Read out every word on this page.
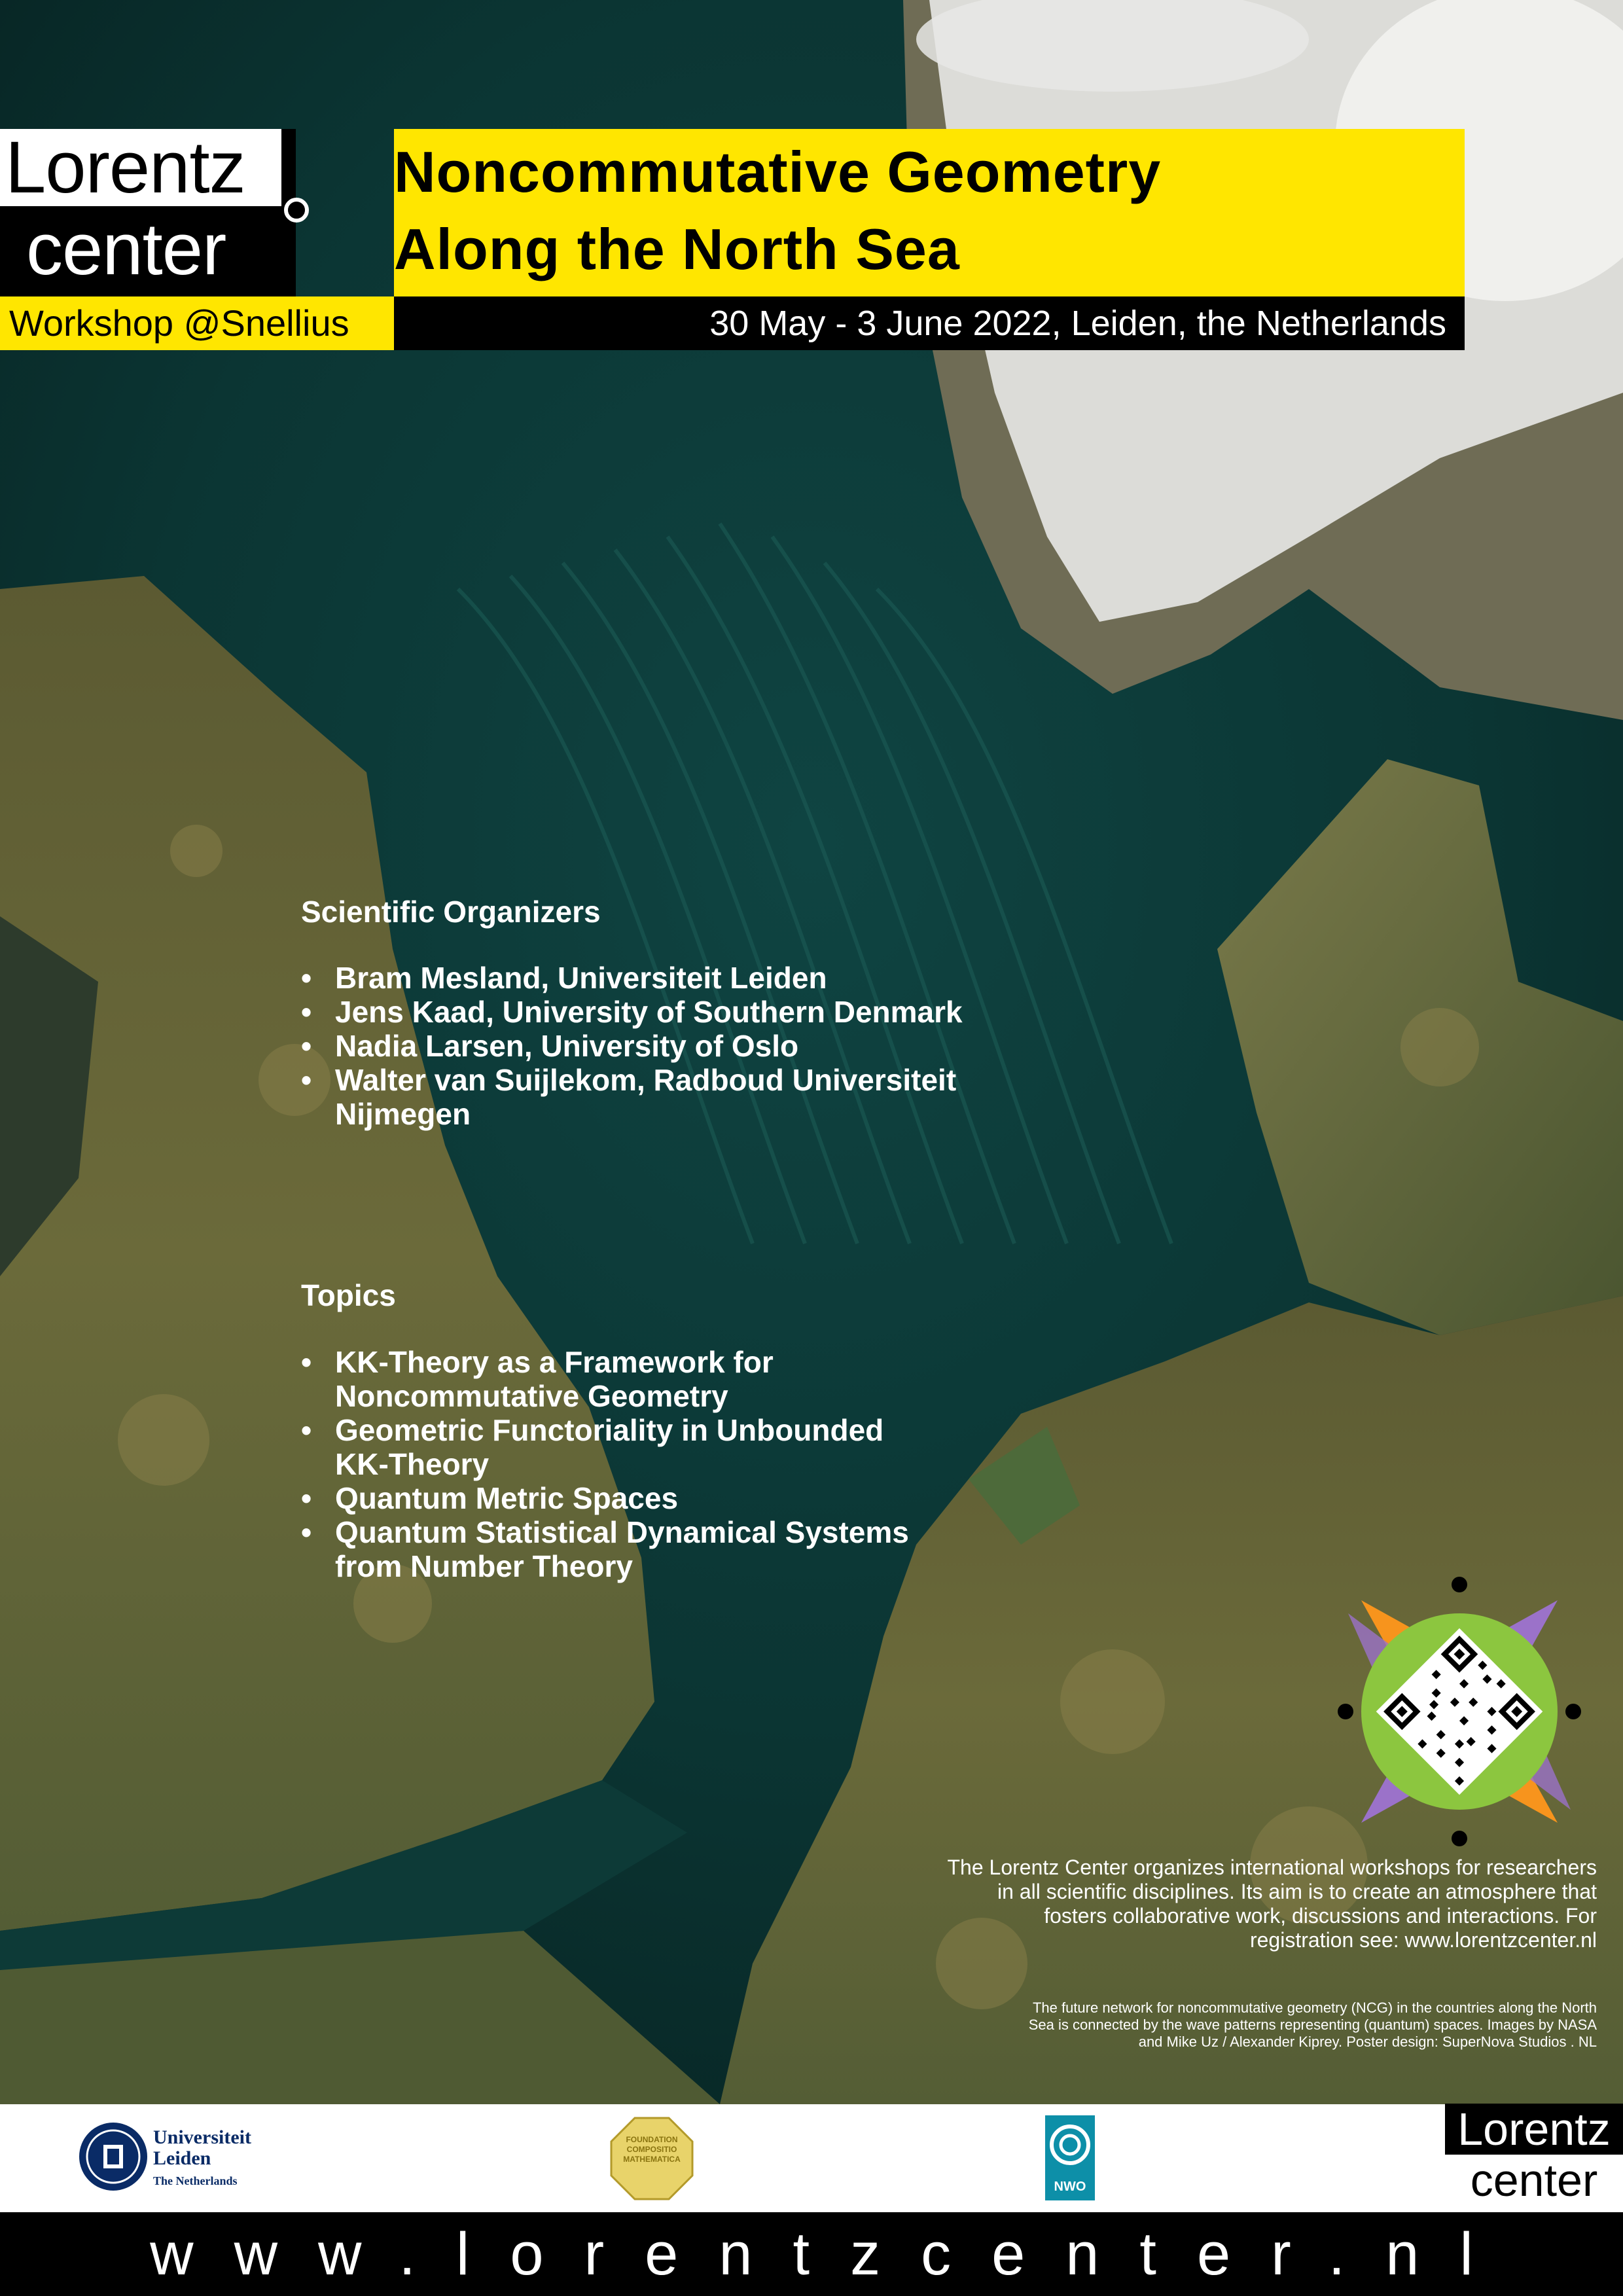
Lorentz
center
Workshop @Snellius
Noncommutative Geometry
Along the North Sea
30 May - 3 June 2022, Leiden, the Netherlands
Scientific Organizers
• Bram Mesland, Universiteit Leiden
• Jens Kaad, University of Southern Denmark
• Nadia Larsen, University of Oslo
• Walter van Suijlekom, Radboud Universiteit Nijmegen
Topics
• KK-Theory as a Framework for Noncommutative Geometry
• Geometric Functoriality in Unbounded KK-Theory
• Quantum Metric Spaces
• Quantum Statistical Dynamical Systems from Number Theory
The Lorentz Center organizes international workshops for researchers in all scientific disciplines. Its aim is to create an atmosphere that fosters collaborative work, discussions and interactions. For registration see: www.lorentzcenter.nl
The future network for noncommutative geometry (NCG) in the countries along the North Sea is connected by the wave patterns representing (quantum) spaces. Images by NASA and Mike Uz / Alexander Kiprey. Poster design: SuperNova Studios . NL
Universiteit
Leiden
The Netherlands
FOUNDATION COMPOSITIO MATHEMATICA
NWO
Lorentz
center
www.lorentzcenter.nl
